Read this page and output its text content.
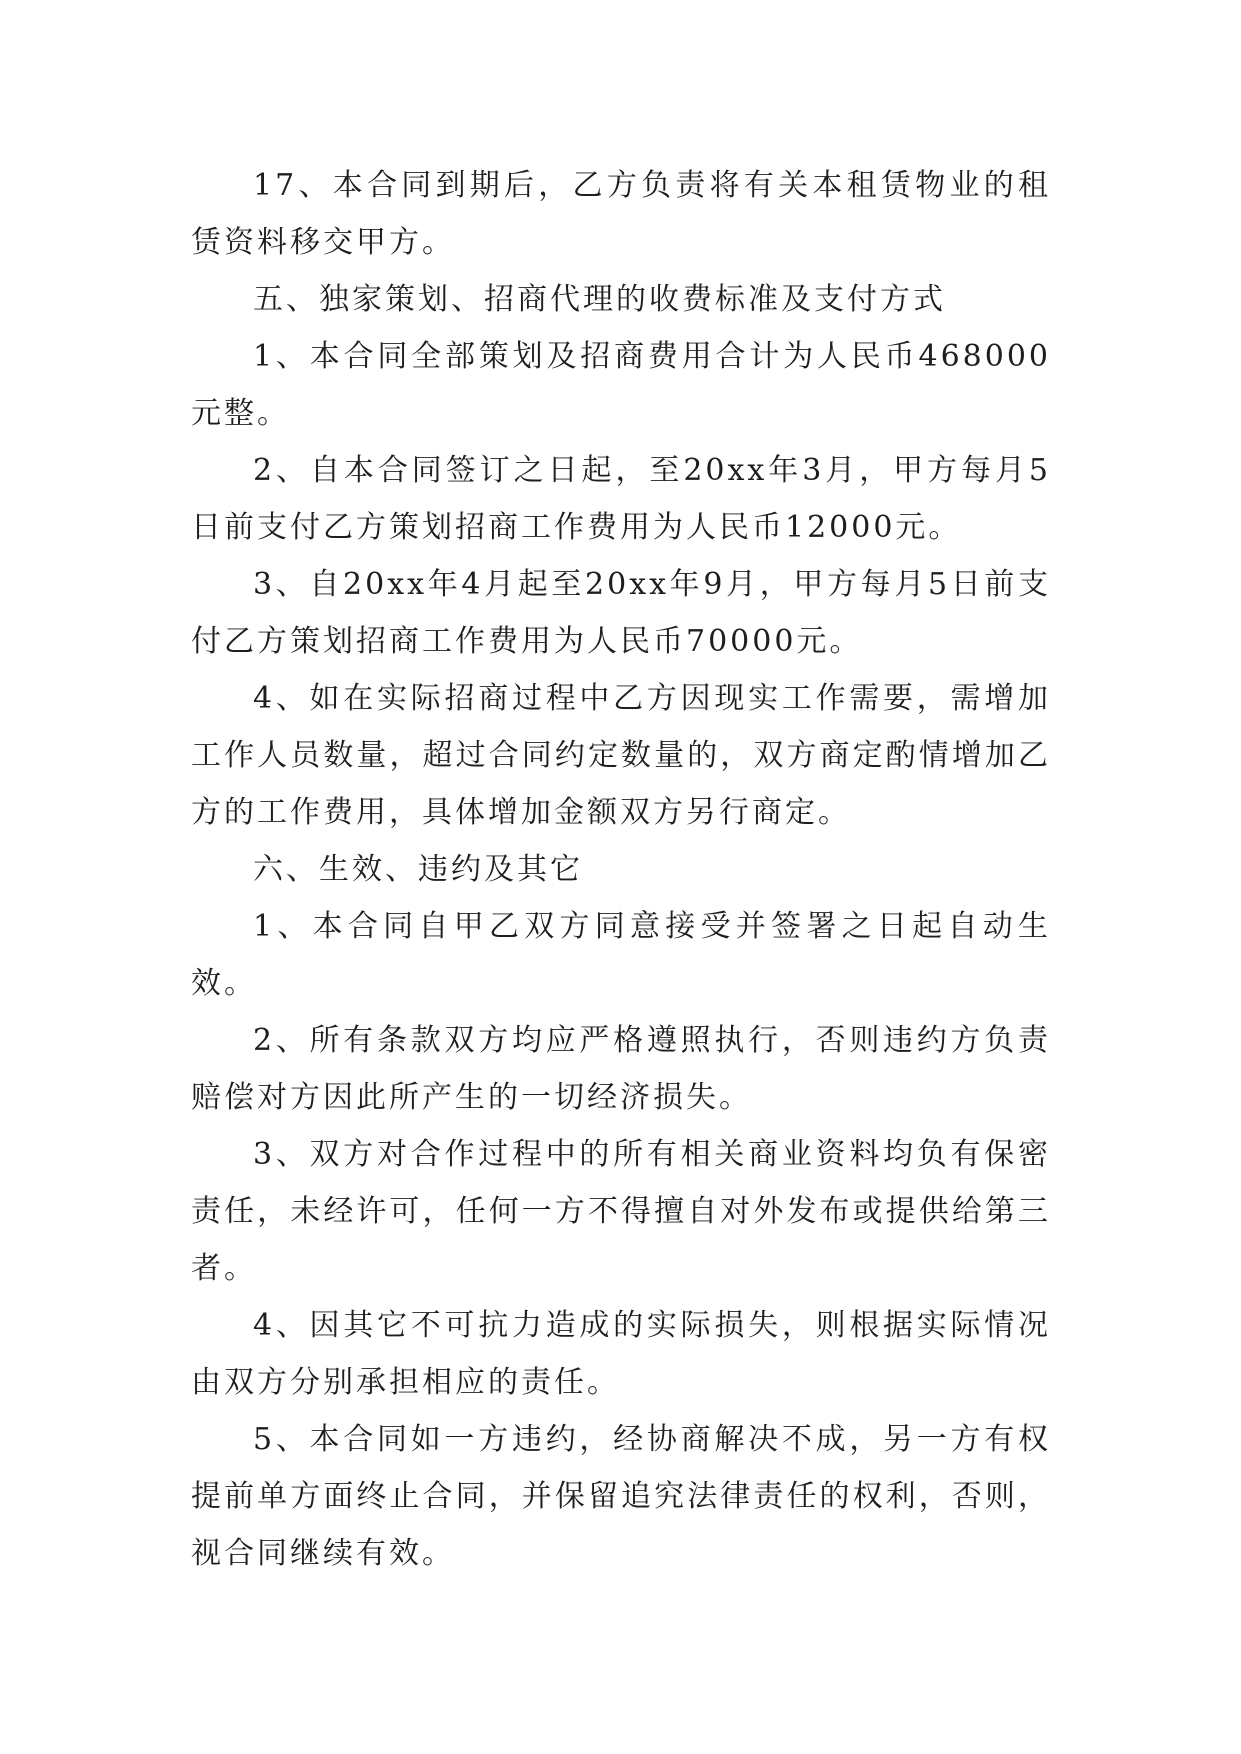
17、本合同到期后，乙方负责将有关本租赁物业的租赁资料移交甲方。

五、独家策划、招商代理的收费标准及支付方式

1、本合同全部策划及招商费用合计为人民币468000元整。

2、自本合同签订之日起，至20xx年3月，甲方每月5日前支付乙方策划招商工作费用为人民币12000元。

3、自20xx年4月起至20xx年9月，甲方每月5日前支付乙方策划招商工作费用为人民币70000元。

4、如在实际招商过程中乙方因现实工作需要，需增加工作人员数量，超过合同约定数量的，双方商定酌情增加乙方的工作费用，具体增加金额双方另行商定。

六、生效、违约及其它

1、本合同自甲乙双方同意接受并签署之日起自动生效。

2、所有条款双方均应严格遵照执行，否则违约方负责赔偿对方因此所产生的一切经济损失。

3、双方对合作过程中的所有相关商业资料均负有保密责任，未经许可，任何一方不得擅自对外发布或提供给第三者。

4、因其它不可抗力造成的实际损失，则根据实际情况由双方分别承担相应的责任。

5、本合同如一方违约，经协商解决不成，另一方有权提前单方面终止合同，并保留追究法律责任的权利，否则，视合同继续有效。
